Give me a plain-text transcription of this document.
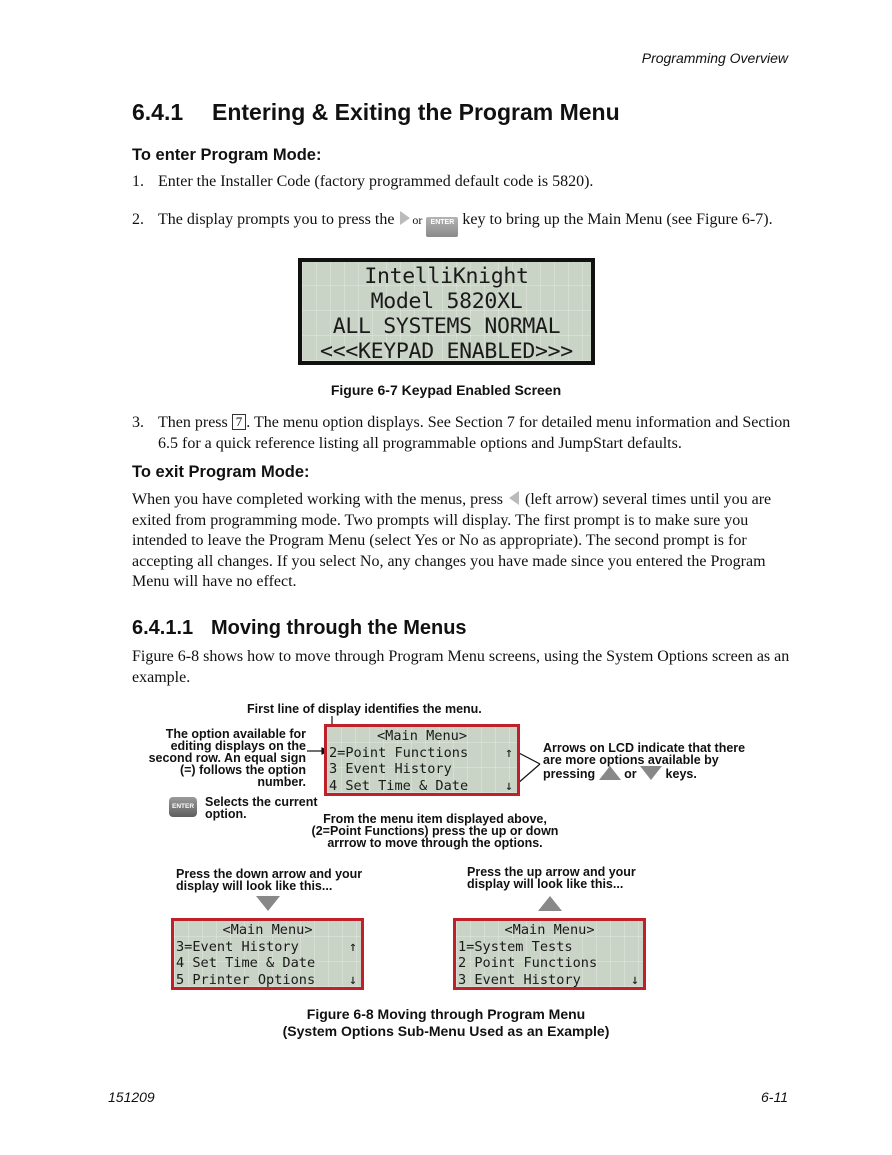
Programming Overview
6.4.1 Entering & Exiting the Program Menu
To enter Program Mode:
1. Enter the Installer Code (factory programmed default code is 5820).
2. The display prompts you to press the or ENTER key to bring up the Main Menu (see Figure 6-7).
IntelliKnight
Model 5820XL
ALL SYSTEMS NORMAL
<<<KEYPAD ENABLED>>>
Figure 6-7 Keypad Enabled Screen
3. Then press 7 . The menu option displays. See Section 7 for detailed menu information and Section 6.5 for a quick reference listing all programmable options and JumpStart defaults.
To exit Program Mode:
When you have completed working with the menus, press (left arrow) several times until you are exited from programming mode. Two prompts will display. The first prompt is to make sure you intended to leave the Program Menu (select Yes or No as appropriate). The second prompt is for accepting all changes. If you select No, any changes you have made since you entered the Program Menu will have no effect.
6.4.1.1 Moving through the Menus
Figure 6-8 shows how to move through Program Menu screens, using the System Options screen as an example.
First line of display identifies the menu.
The option available for editing displays on the second row. An equal sign (=) follows the option number.
<Main Menu>
2=Point Functions	↑
3 Event History
4 Set Time & Date	↓
Arrows on LCD indicate that there are more options available by pressing or keys.
ENTER Selects the current option.	From the menu item displayed above, (2=Point Functions) press the up or down arrrow to move through the options.
Press the down arrow and your display will look like this...
Press the up arrow and your display will look like this...
<Main Menu>
3=Event History	↑
4 Set Time & Date
5 Printer Options ↓
<Main Menu>
1=System Tests
2 Point Functions
3 Event History	↓
Figure 6-8 Moving through Program Menu
(System Options Sub-Menu Used as an Example)
151209	6-11
